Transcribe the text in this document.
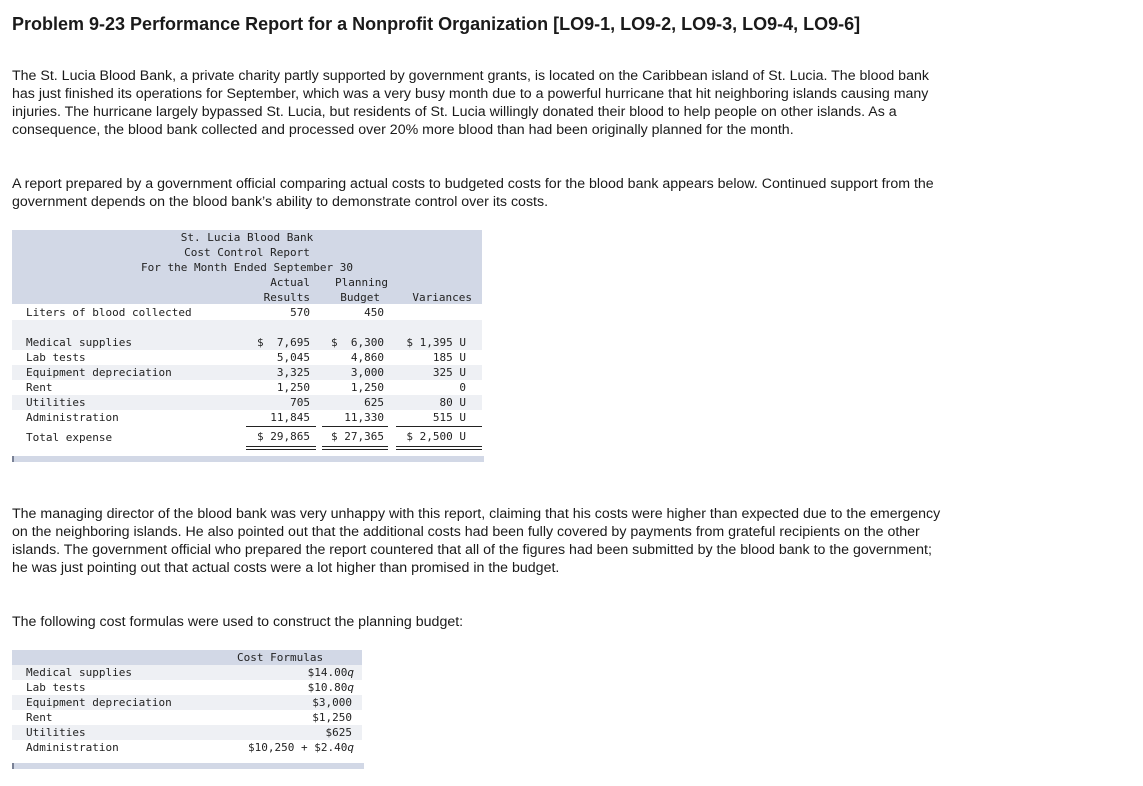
Problem 9-23 Performance Report for a Nonprofit Organization [LO9-1, LO9-2, LO9-3, LO9-4, LO9-6]

The St. Lucia Blood Bank, a private charity partly supported by government grants, is located on the Caribbean island of St. Lucia. The blood bank has just finished its operations for September, which was a very busy month due to a powerful hurricane that hit neighboring islands causing many injuries. The hurricane largely bypassed St. Lucia, but residents of St. Lucia willingly donated their blood to help people on other islands. As a consequence, the blood bank collected and processed over 20% more blood than had been originally planned for the month.

A report prepared by a government official comparing actual costs to budgeted costs for the blood bank appears below. Continued support from the government depends on the blood bank’s ability to demonstrate control over its costs.

St. Lucia Blood Bank
Cost Control Report
For the Month Ended September 30
Actual
Results
Planning
Budget	Variances
Liters of blood collected	570	450
Medical supplies	$  7,695	$  6,300	$ 1,395 U
Lab tests	5,045	4,860	185 U
Equipment depreciation	3,325	3,000	325 U
Rent	1,250	1,250	0
Utilities	705	625	80 U
Administration	11,845	11,330	515 U
Total expense	$ 29,865	$ 27,365	$ 2,500 U

The managing director of the blood bank was very unhappy with this report, claiming that his costs were higher than expected due to the emergency on the neighboring islands. He also pointed out that the additional costs had been fully covered by payments from grateful recipients on the other islands. The government official who prepared the report countered that all of the figures had been submitted by the blood bank to the government; he was just pointing out that actual costs were a lot higher than promised in the budget.

The following cost formulas were used to construct the planning budget:

Cost Formulas
Medical supplies	$14.00q
Lab tests	$10.80q
Equipment depreciation	$3,000
Rent	$1,250
Utilities	$625
Administration	$10,250 + $2.40q
